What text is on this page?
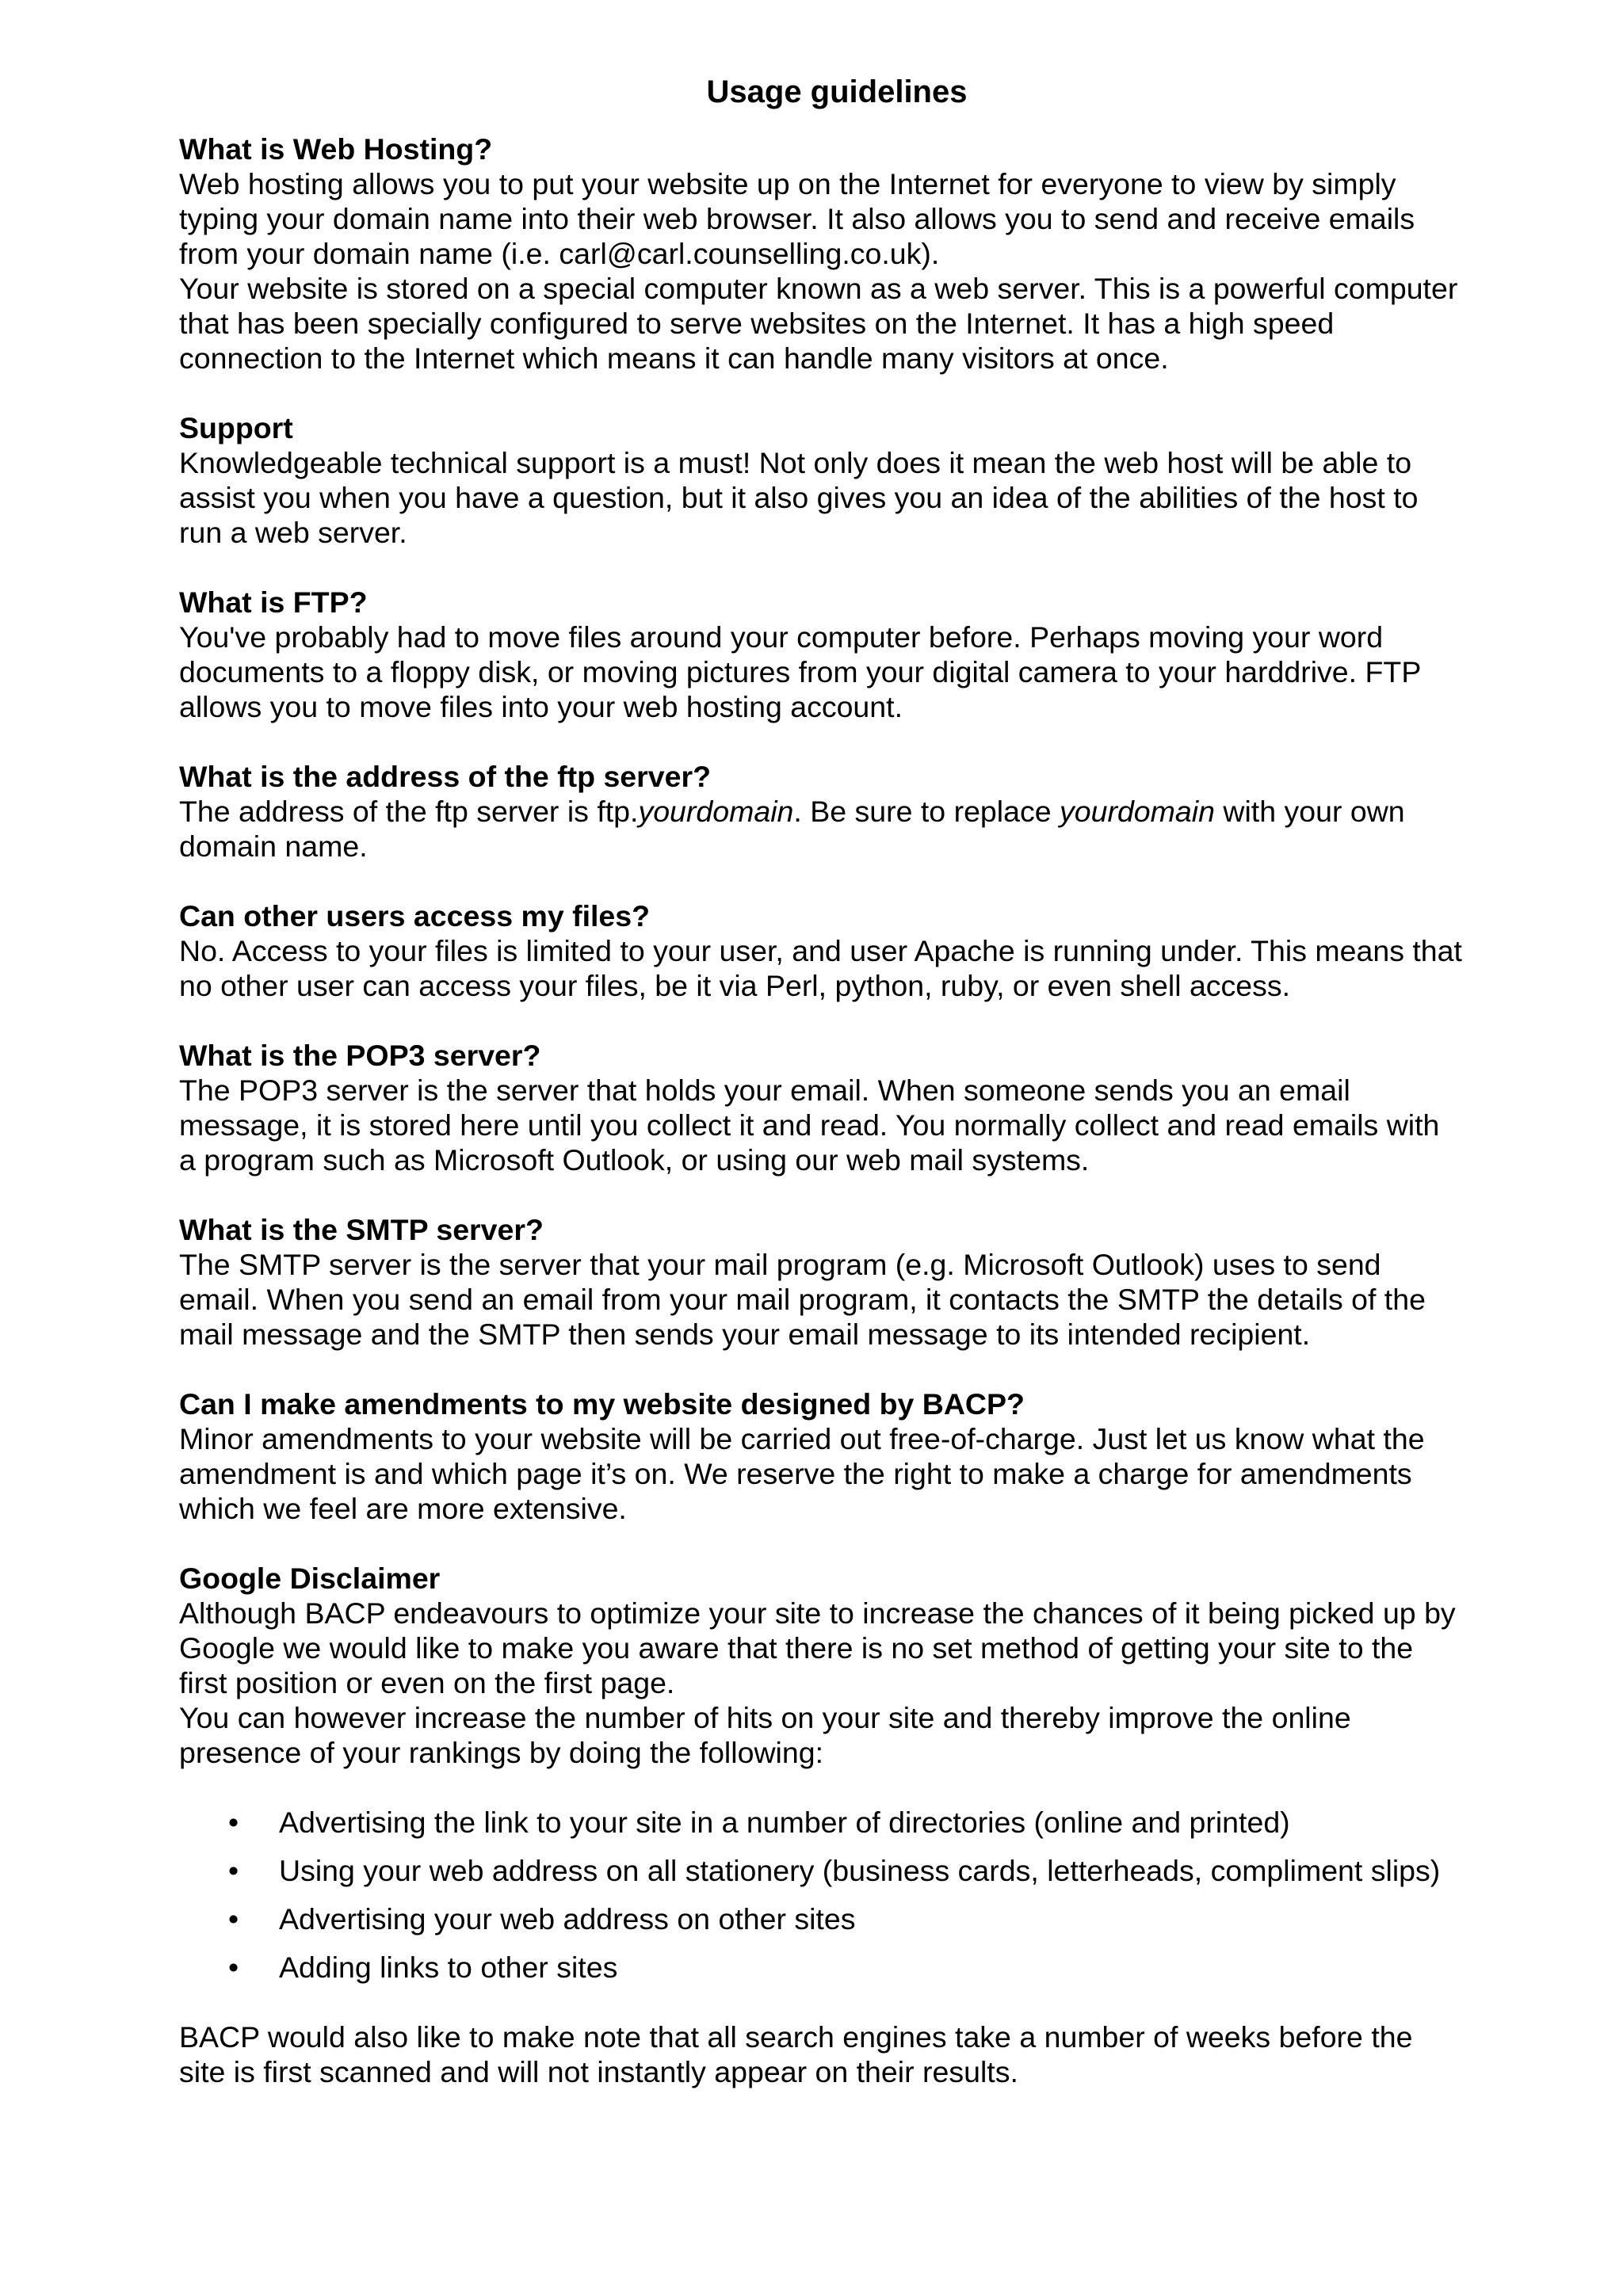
Usage guidelines

What is Web Hosting?

Web hosting allows you to put your website up on the Internet for everyone to view by simply typing your domain name into their web browser. It also allows you to send and receive emails from your domain name (i.e. carl@carl.counselling.co.uk).

Your website is stored on a special computer known as a web server. This is a powerful computer that has been specially configured to serve websites on the Internet. It has a high speed connection to the Internet which means it can handle many visitors at once.

Support

Knowledgeable technical support is a must! Not only does it mean the web host will be able to assist you when you have a question, but it also gives you an idea of the abilities of the host to run a web server.

What is FTP?

You've probably had to move files around your computer before. Perhaps moving your word documents to a floppy disk, or moving pictures from your digital camera to your harddrive. FTP allows you to move files into your web hosting account.

What is the address of the ftp server?

The address of the ftp server is ftp.yourdomain. Be sure to replace yourdomain with your own domain name.

Can other users access my files?

No. Access to your files is limited to your user, and user Apache is running under. This means that no other user can access your files, be it via Perl, python, ruby, or even shell access.

What is the POP3 server?

The POP3 server is the server that holds your email. When someone sends you an email message, it is stored here until you collect it and read. You normally collect and read emails with a program such as Microsoft Outlook, or using our web mail systems.

What is the SMTP server?

The SMTP server is the server that your mail program (e.g. Microsoft Outlook) uses to send email. When you send an email from your mail program, it contacts the SMTP the details of the mail message and the SMTP then sends your email message to its intended recipient.

Can I make amendments to my website designed by BACP?

Minor amendments to your website will be carried out free-of-charge. Just let us know what the amendment is and which page it’s on. We reserve the right to make a charge for amendments which we feel are more extensive.

Google Disclaimer

Although BACP endeavours to optimize your site to increase the chances of it being picked up by Google we would like to make you aware that there is no set method of getting your site to the first position or even on the first page.

You can however increase the number of hits on your site and thereby improve the online presence of your rankings by doing the following:

• Advertising the link to your site in a number of directories (online and printed)
• Using your web address on all stationery (business cards, letterheads, compliment slips)
• Advertising your web address on other sites
• Adding links to other sites

BACP would also like to make note that all search engines take a number of weeks before the site is first scanned and will not instantly appear on their results.
